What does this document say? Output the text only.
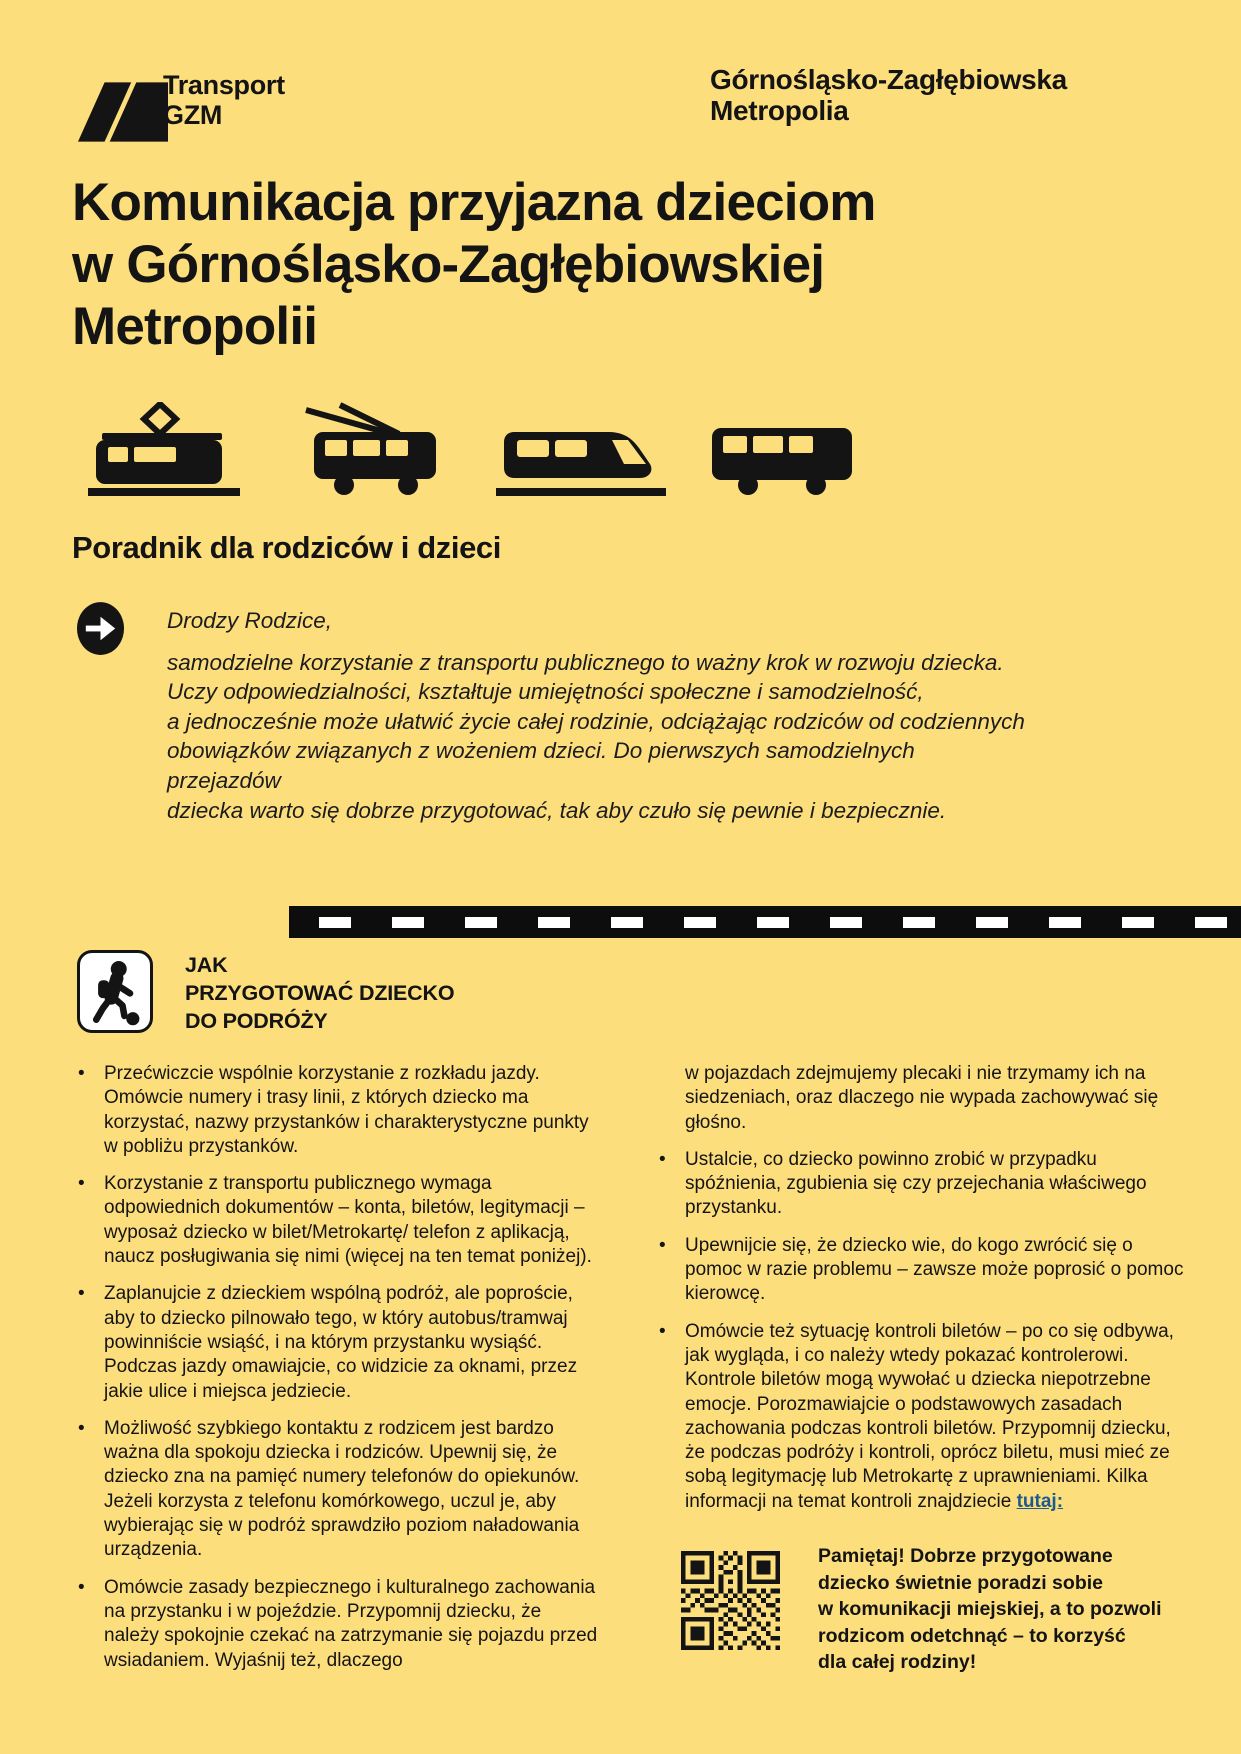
Transport
GZM
Górnośląsko-Zagłębiowska
Metropolia
Komunikacja przyjazna dzieciom
w Górnośląsko-Zagłębiowskiej
Metropolii
Poradnik dla rodziców i dzieci
Drodzy Rodzice,
samodzielne korzystanie z transportu publicznego to ważny krok w rozwoju dziecka.
Uczy odpowiedzialności, kształtuje umiejętności społeczne i samodzielność,
a jednocześnie może ułatwić życie całej rodzinie, odciążając rodziców od codziennych
obowiązków związanych z wożeniem dzieci. Do pierwszych samodzielnych przejazdów
dziecka warto się dobrze przygotować, tak aby czuło się pewnie i bezpiecznie.
JAK
PRZYGOTOWAĆ DZIECKO
DO PODRÓŻY
•
Przećwiczcie wspólnie korzystanie z rozkładu jazdy. Omówcie numery i trasy linii, z których dziecko ma korzystać, nazwy przystanków i charakterystyczne punkty w pobliżu przystanków.
•
Korzystanie z transportu publicznego wymaga odpowiednich dokumentów – konta, biletów, legitymacji – wyposaż dziecko w bilet/Metrokartę/ telefon z aplikacją, naucz posługiwania się nimi (więcej na ten temat poniżej).
•
Zaplanujcie z dzieckiem wspólną podróż, ale poproście, aby to dziecko pilnowało tego, w który autobus/tramwaj powinniście wsiąść, i na którym przystanku wysiąść. Podczas jazdy omawiajcie, co widzicie za oknami, przez jakie ulice i miejsca jedziecie.
•
Możliwość szybkiego kontaktu z rodzicem jest bardzo ważna dla spokoju dziecka i rodziców. Upewnij się, że dziecko zna na pamięć numery telefonów do opiekunów. Jeżeli korzysta z telefonu komórkowego, uczul je, aby wybierając się w podróż sprawdziło poziom naładowania urządzenia.
•
Omówcie zasady bezpiecznego i kulturalnego zachowania na przystanku i w pojeździe. Przypomnij dziecku, że należy spokojnie czekać na zatrzymanie się pojazdu przed wsiadaniem. Wyjaśnij też, dlaczego
w pojazdach zdejmujemy plecaki i nie trzymamy ich na siedzeniach, oraz dlaczego nie wypada zachowywać się głośno.
•
Ustalcie, co dziecko powinno zrobić w przypadku spóźnienia, zgubienia się czy przejechania właściwego przystanku.
•
Upewnijcie się, że dziecko wie, do kogo zwrócić się o pomoc w razie problemu – zawsze może poprosić o pomoc kierowcę.
•
Omówcie też sytuację kontroli biletów – po co się odbywa, jak wygląda, i co należy wtedy pokazać kontrolerowi. Kontrole biletów mogą wywołać u dziecka niepotrzebne emocje. Porozmawiajcie o podstawowych zasadach zachowania podczas kontroli biletów. Przypomnij dziecku, że podczas podróży i kontroli, oprócz biletu, musi mieć ze sobą legitymację lub Metrokartę z uprawnieniami. Kilka informacji na temat kontroli znajdziecie tutaj:
Pamiętaj! Dobrze przygotowane
dziecko świetnie poradzi sobie
w komunikacji miejskiej, a to pozwoli
rodzicom odetchnąć – to korzyść
dla całej rodziny!
